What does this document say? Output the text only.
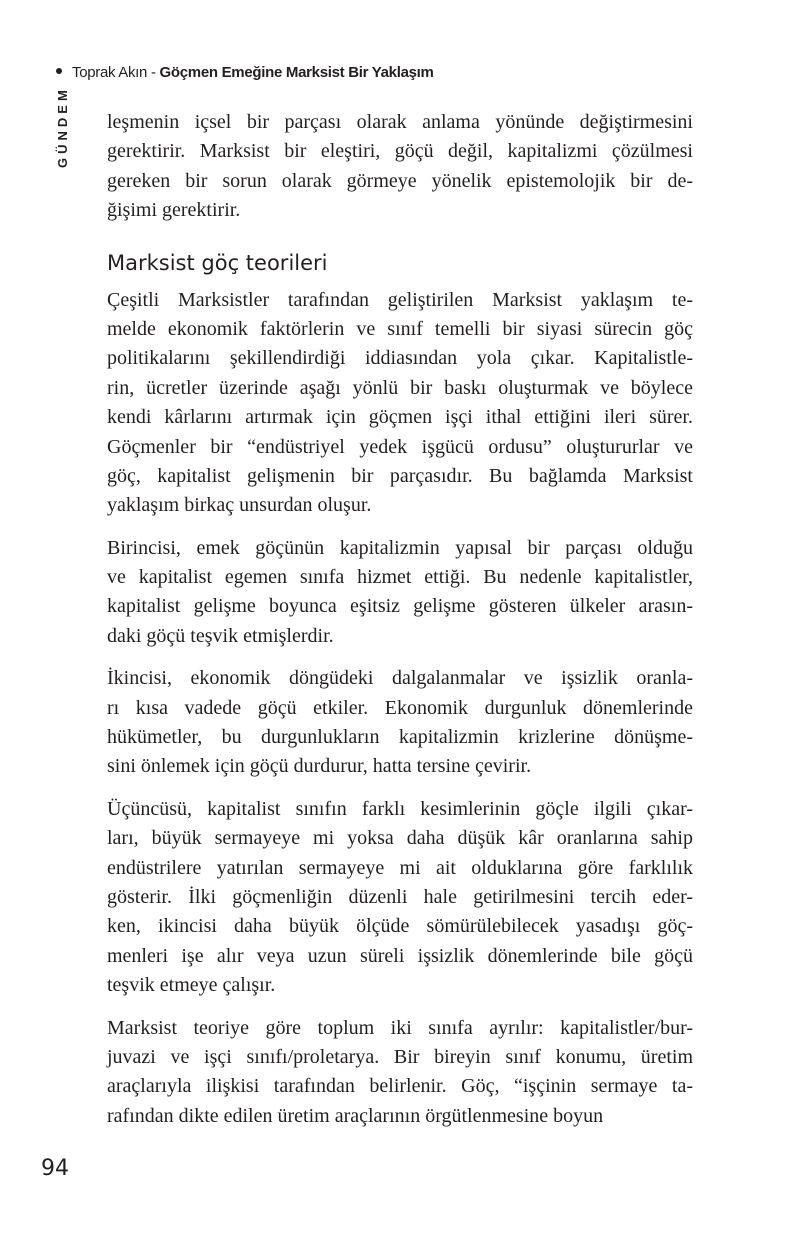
Toprak Akın - Göçmen Emeğine Marksist Bir Yaklaşım
GÜNDEM leşmenin içsel bir parçası olarak anlama yönünde değiştirmesini
gerektirir. Marksist bir eleştiri, göçü değil, kapitalizmi çözülmesi
gereken bir sorun olarak görmeye yönelik epistemolojik bir de-
ğişimi gerektirir.
Marksist göç teorileri
Çeşitli Marksistler tarafından geliştirilen Marksist yaklaşım te-
melde ekonomik faktörlerin ve sınıf temelli bir siyasi sürecin göç
politikalarını şekillendirdiği iddiasından yola çıkar. Kapitalistle-
rin, ücretler üzerinde aşağı yönlü bir baskı oluşturmak ve böylece
kendi kârlarını artırmak için göçmen işçi ithal ettiğini ileri sürer.
Göçmenler bir “endüstriyel yedek işgücü ordusu” oluştururlar ve
göç, kapitalist gelişmenin bir parçasıdır. Bu bağlamda Marksist
yaklaşım birkaç unsurdan oluşur.
Birincisi, emek göçünün kapitalizmin yapısal bir parçası olduğu
ve kapitalist egemen sınıfa hizmet ettiği. Bu nedenle kapitalistler,
kapitalist gelişme boyunca eşitsiz gelişme gösteren ülkeler arasın-
daki göçü teşvik etmişlerdir.
İkincisi, ekonomik döngüdeki dalgalanmalar ve işsizlik oranla-
rı kısa vadede göçü etkiler. Ekonomik durgunluk dönemlerinde
hükümetler, bu durgunlukların kapitalizmin krizlerine dönüşme-
sini önlemek için göçü durdurur, hatta tersine çevirir.
Üçüncüsü, kapitalist sınıfın farklı kesimlerinin göçle ilgili çıkar-
ları, büyük sermayeye mi yoksa daha düşük kâr oranlarına sahip
endüstrilere yatırılan sermayeye mi ait olduklarına göre farklılık
gösterir. İlki göçmenliğin düzenli hale getirilmesini tercih eder-
ken, ikincisi daha büyük ölçüde sömürülebilecek yasadışı göç-
menleri işe alır veya uzun süreli işsizlik dönemlerinde bile göçü
teşvik etmeye çalışır.
Marksist teoriye göre toplum iki sınıfa ayrılır: kapitalistler/bur-
juvazi ve işçi sınıfı/proletarya. Bir bireyin sınıf konumu, üretim
araçlarıyla ilişkisi tarafından belirlenir. Göç, “işçinin sermaye ta-
rafından dikte edilen üretim araçlarının örgütlenmesine boyun
94
